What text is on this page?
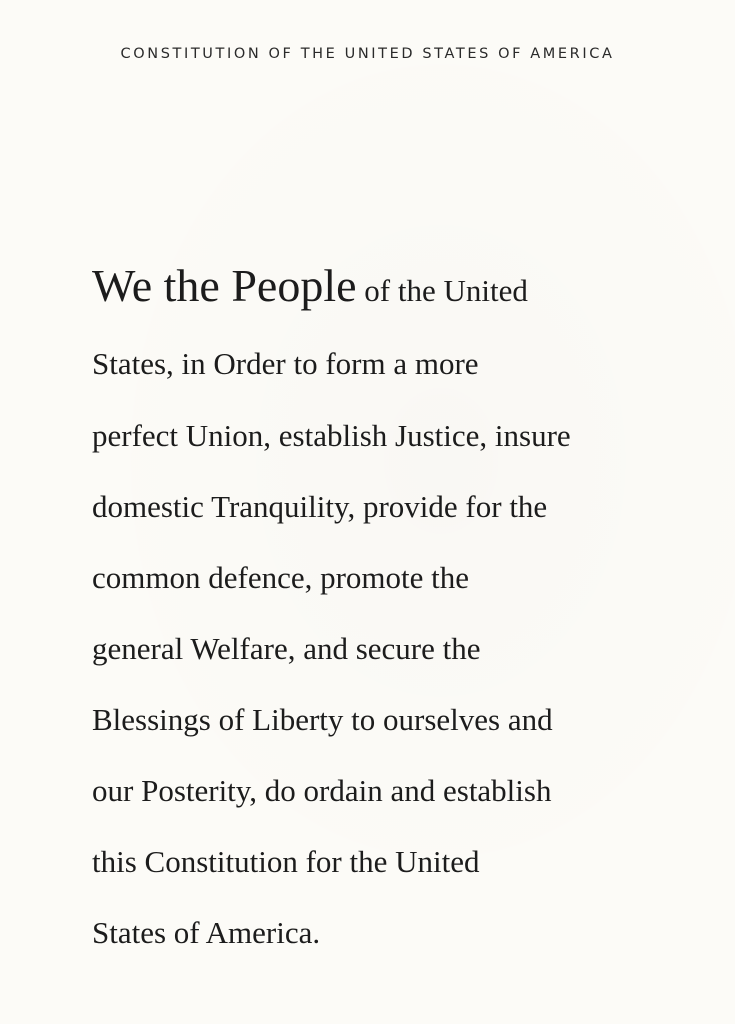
CONSTITUTION OF THE UNITED STATES OF AMERICA
We the People of the United
States, in Order to form a more
perfect Union, establish Justice, insure
domestic Tranquility, provide for the
common defence, promote the
general Welfare, and secure the
Blessings of Liberty to ourselves and
our Posterity, do ordain and establish
this Constitution for the United
States of America.
